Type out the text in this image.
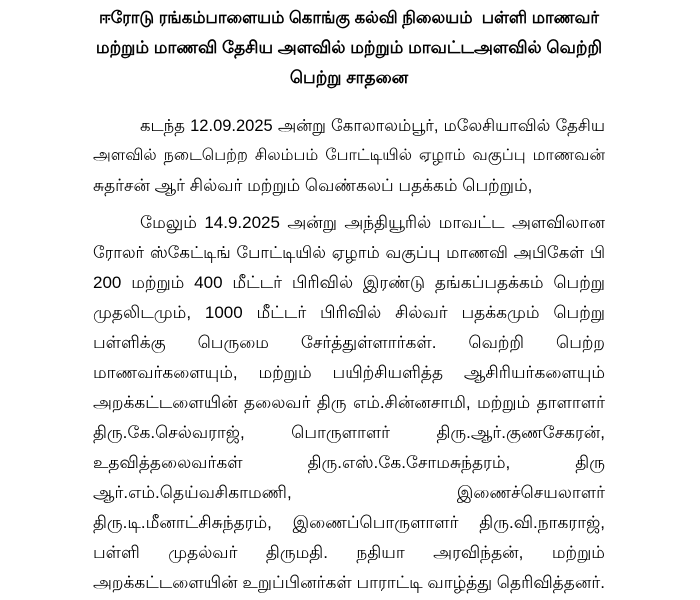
ஈரோடு ரங்கம்பாளையம் கொங்கு கல்வி நிலையம்  பள்ளி மாணவர்
மற்றும் மாணவி தேசிய அளவில் மற்றும் மாவட்டஅளவில் வெற்றி
பெற்று சாதனை
கடந்த 12.09.2025 அன்று கோலாலம்பூர், மலேசியாவில் தேசிய
அளவில் நடைபெற்ற சிலம்பம் போட்டியில் ஏழாம் வகுப்பு மாணவன்
சுதர்சன் ஆர் சில்வர் மற்றும் வெண்கலப் பதக்கம் பெற்றும்,
மேலும் 14.9.2025 அன்று அந்தியூரில் மாவட்ட அளவிலான
ரோலர் ஸ்கேட்டிங் போட்டியில் ஏழாம் வகுப்பு மாணவி அபிகேள் பி
200 மற்றும் 400 மீட்டர் பிரிவில் இரண்டு தங்கப்பதக்கம் பெற்று
முதலிடமும், 1000 மீட்டர் பிரிவில் சில்வர் பதக்கமும் பெற்று
பள்ளிக்கு பெருமை சேர்த்துள்ளார்கள். வெற்றி பெற்ற
மாணவர்களையும், மற்றும் பயிற்சியளித்த ஆசிரியர்களையும்
அறக்கட்டளையின் தலைவர் திரு எம்.சின்னசாமி, மற்றும் தாளாளர்
திரு.கே.செல்வராஜ், பொருளாளர் திரு.ஆர்.குணசேகரன்,
உதவித்தலைவர்கள் திரு.எஸ்.கே.சோமசுந்தரம், திரு
ஆர்.எம்.தெய்வசிகாமணி, இணைச்செயலாளர்
திரு.டி.மீனாட்சிசுந்தரம், இணைப்பொருளாளர் திரு.வி.நாகராஜ்,
பள்ளி முதல்வர் திருமதி. நதியா அரவிந்தன், மற்றும்
அறக்கட்டளையின் உறுப்பினர்கள் பாராட்டி வாழ்த்து தெரிவித்தனர்.
